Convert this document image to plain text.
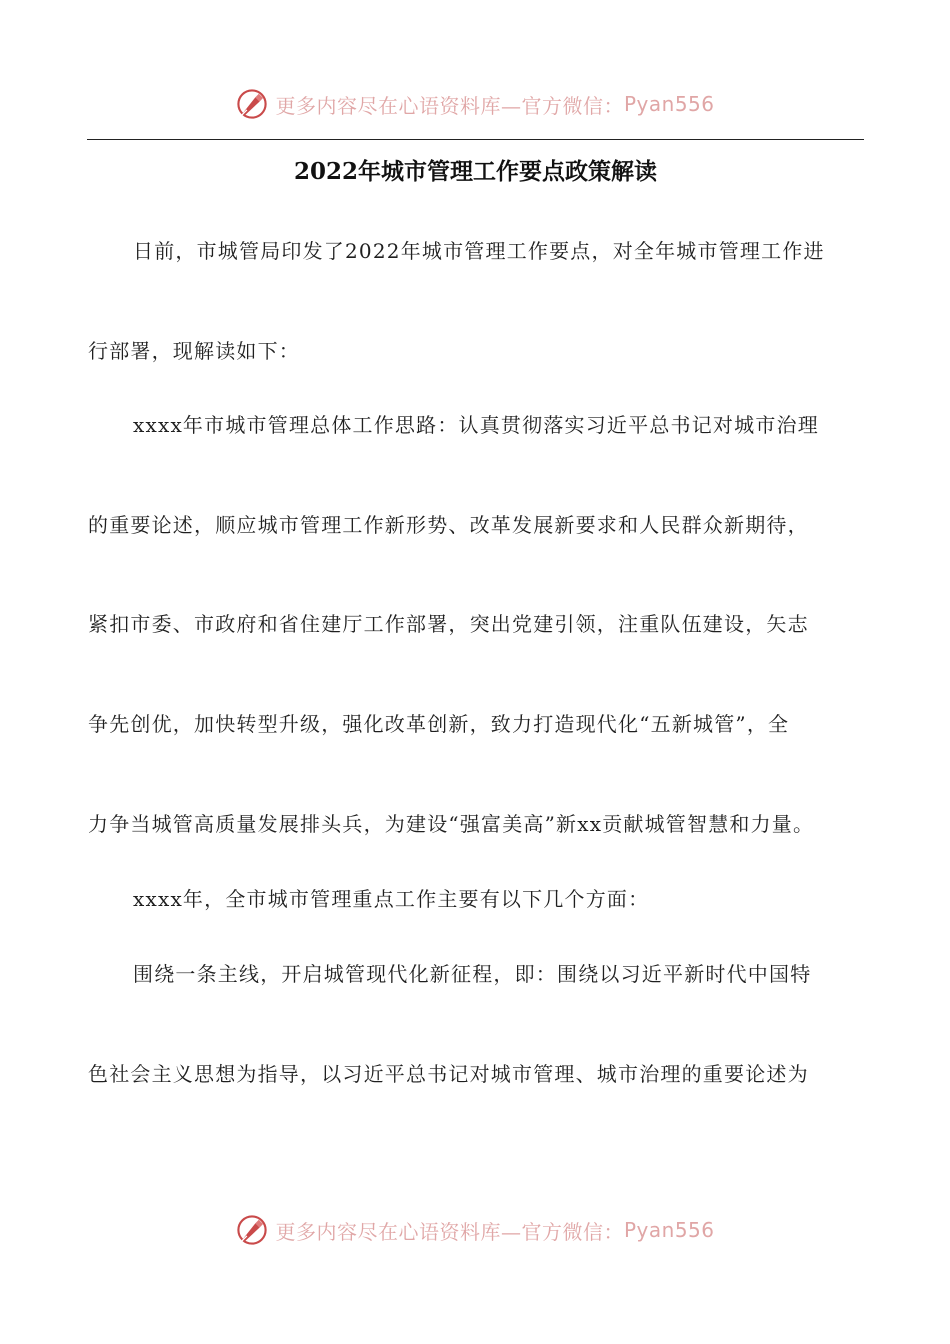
更多内容尽在心语资料库—官方微信： Pyan556
2022年城市管理工作要点政策解读
日前，市城管局印发了2022年城市管理工作要点，对全年城市管理工作进
行部署，现解读如下：
xxxx年市城市管理总体工作思路：认真贯彻落实习近平总书记对城市治理
的重要论述，顺应城市管理工作新形势、改革发展新要求和人民群众新期待，
紧扣市委、市政府和省住建厅工作部署，突出党建引领，注重队伍建设，矢志
争先创优，加快转型升级，强化改革创新，致力打造现代化“五新城管”，全
力争当城管高质量发展排头兵，为建设“强富美高”新xx贡献城管智慧和力量。
xxxx年，全市城市管理重点工作主要有以下几个方面：
围绕一条主线，开启城管现代化新征程，即：围绕以习近平新时代中国特
色社会主义思想为指导，以习近平总书记对城市管理、城市治理的重要论述为
更多内容尽在心语资料库—官方微信： Pyan556
